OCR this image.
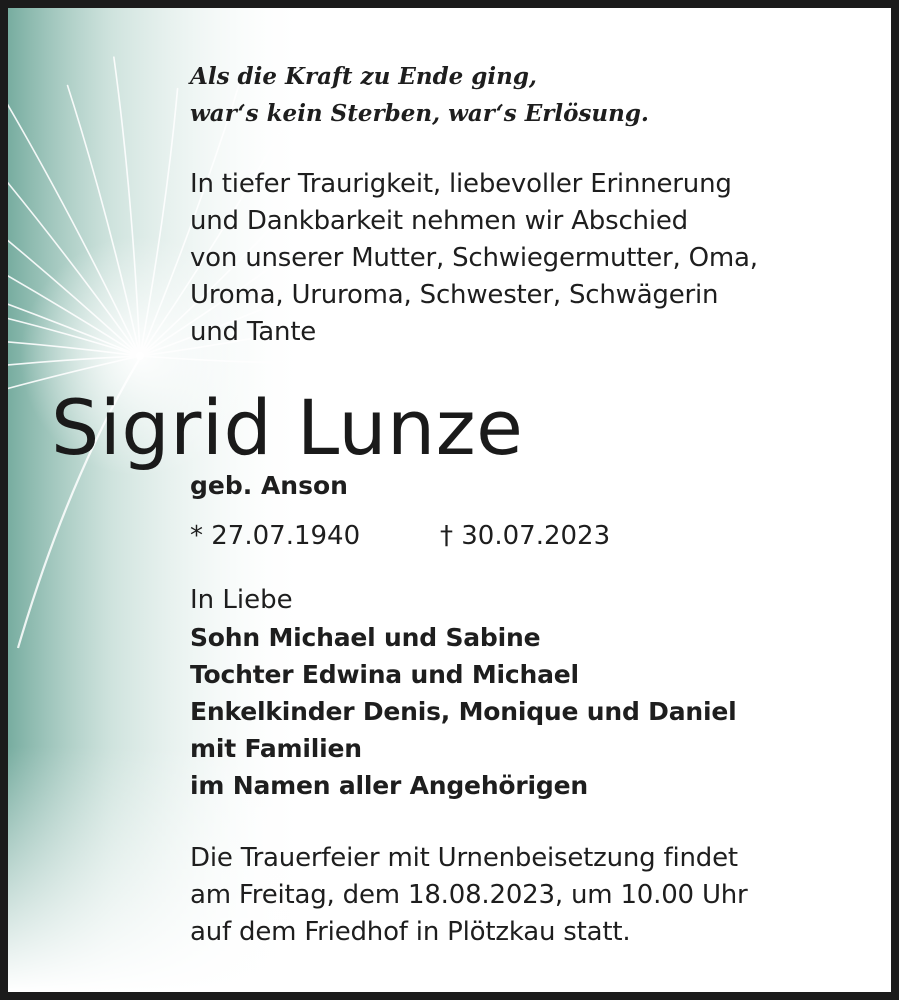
Als die Kraft zu Ende ging,
war‘s kein Sterben, war‘s Erlösung.
In tiefer Traurigkeit, liebevoller Erinnerung
und Dankbarkeit nehmen wir Abschied
von unserer Mutter, Schwiegermutter, Oma,
Uroma, Ururoma, Schwester, Schwägerin
und Tante
Sigrid Lunze
geb. Anson
* 27.07.1940	† 30.07.2023
In Liebe
Sohn Michael und Sabine
Tochter Edwina und Michael
Enkelkinder Denis, Monique und Daniel
mit Familien
im Namen aller Angehörigen
Die Trauerfeier mit Urnenbeisetzung findet
am Freitag, dem 18.08.2023, um 10.00 Uhr
auf dem Friedhof in Plötzkau statt.
